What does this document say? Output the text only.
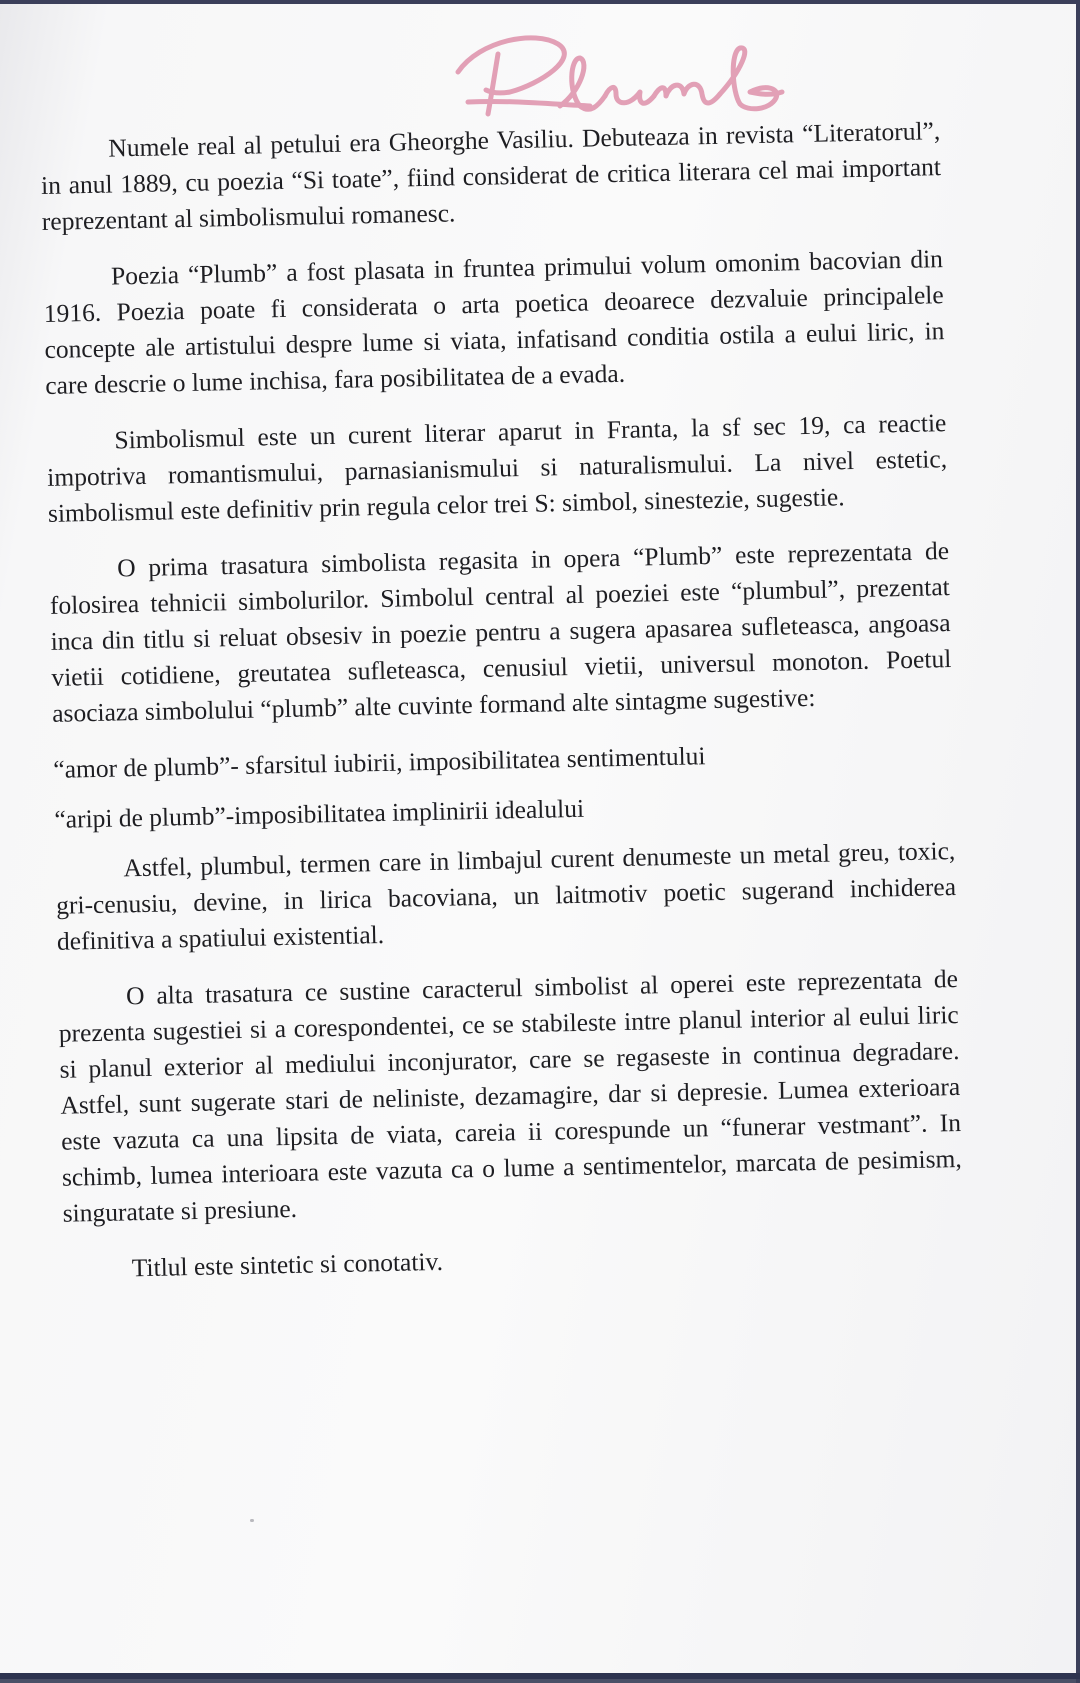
Numele real al petului era Gheorghe Vasiliu. Debuteaza in revista “Literatorul”, in anul 1889, cu poezia “Si toate”, fiind considerat de critica literara cel mai important reprezentant al simbolismului romanesc.

Poezia “Plumb” a fost plasata in fruntea primului volum omonim bacovian din 1916. Poezia poate fi considerata o arta poetica deoarece dezvaluie principalele concepte ale artistului despre lume si viata, infatisand conditia ostila a eului liric, in care descrie o lume inchisa, fara posibilitatea de a evada.

Simbolismul este un curent literar aparut in Franta, la sf sec 19, ca reactie impotriva romantismului, parnasianismului si naturalismului. La nivel estetic, simbolismul este definitiv prin regula celor trei S: simbol, sinestezie, sugestie.

O prima trasatura simbolista regasita in opera “Plumb” este reprezentata de folosirea tehnicii simbolurilor. Simbolul central al poeziei este “plumbul”, prezentat inca din titlu si reluat obsesiv in poezie pentru a sugera apasarea sufleteasca, angoasa vietii cotidiene, greutatea sufleteasca, cenusiul vietii, universul monoton. Poetul asociaza simbolului “plumb” alte cuvinte formand alte sintagme sugestive:

“amor de plumb”- sfarsitul iubirii, imposibilitatea sentimentului

“aripi de plumb”-imposibilitatea implinirii idealului

Astfel, plumbul, termen care in limbajul curent denumeste un metal greu, toxic, gri-cenusiu, devine, in lirica bacoviana, un laitmotiv poetic sugerand inchiderea definitiva a spatiului existential.

O alta trasatura ce sustine caracterul simbolist al operei este reprezentata de prezenta sugestiei si a corespondentei, ce se stabileste intre planul interior al eului liric si planul exterior al mediului inconjurator, care se regaseste in continua degradare. Astfel, sunt sugerate stari de neliniste, dezamagire, dar si depresie. Lumea exterioara este vazuta ca una lipsita de viata, careia ii corespunde un “funerar vestmant”. In schimb, lumea interioara este vazuta ca o lume a sentimentelor, marcata de pesimism, singuratate si presiune.

Titlul este sintetic si conotativ.
